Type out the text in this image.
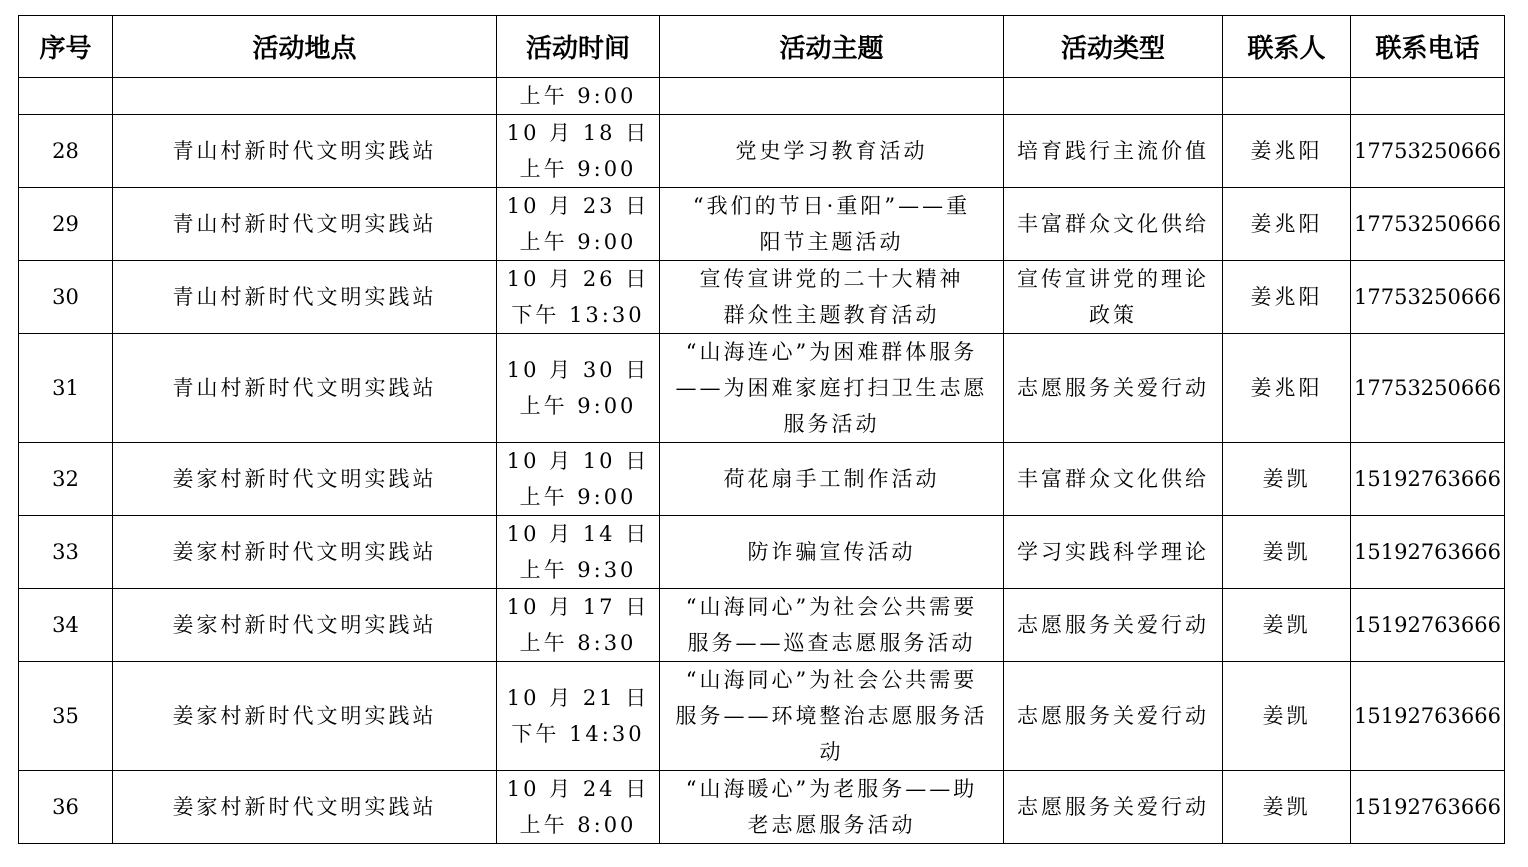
序号	活动地点	活动时间	活动主题	活动类型	联系人	联系电话

		上午 9:00				

28	青山村新时代文明实践站	10 月 18 日
上午 9:00	党史学习教育活动	培育践行主流价值	姜兆阳	17753250666
29	青山村新时代文明实践站	10 月 23 日
上午 9:00	“我们的节日·重阳”——重
阳节主题活动	丰富群众文化供给	姜兆阳	17753250666
30	青山村新时代文明实践站	10 月 26 日
下午 13:30	宣传宣讲党的二十大精神
群众性主题教育活动	宣传宣讲党的理论
政策	姜兆阳	17753250666
31	青山村新时代文明实践站	10 月 30 日
上午 9:00	“山海连心”为困难群体服务
——为困难家庭打扫卫生志愿
服务活动	志愿服务关爱行动	姜兆阳	17753250666
32	姜家村新时代文明实践站	10 月 10 日
上午 9:00	荷花扇手工制作活动	丰富群众文化供给	姜凯	15192763666
33	姜家村新时代文明实践站	10 月 14 日
上午 9:30	防诈骗宣传活动	学习实践科学理论	姜凯	15192763666
34	姜家村新时代文明实践站	10 月 17 日
上午 8:30	“山海同心”为社会公共需要
服务——巡查志愿服务活动	志愿服务关爱行动	姜凯	15192763666
35	姜家村新时代文明实践站	10 月 21 日
下午 14:30	“山海同心”为社会公共需要
服务——环境整治志愿服务活
动	志愿服务关爱行动	姜凯	15192763666
36	姜家村新时代文明实践站	10 月 24 日
上午 8:00	“山海暖心”为老服务——助
老志愿服务活动	志愿服务关爱行动	姜凯	15192763666
